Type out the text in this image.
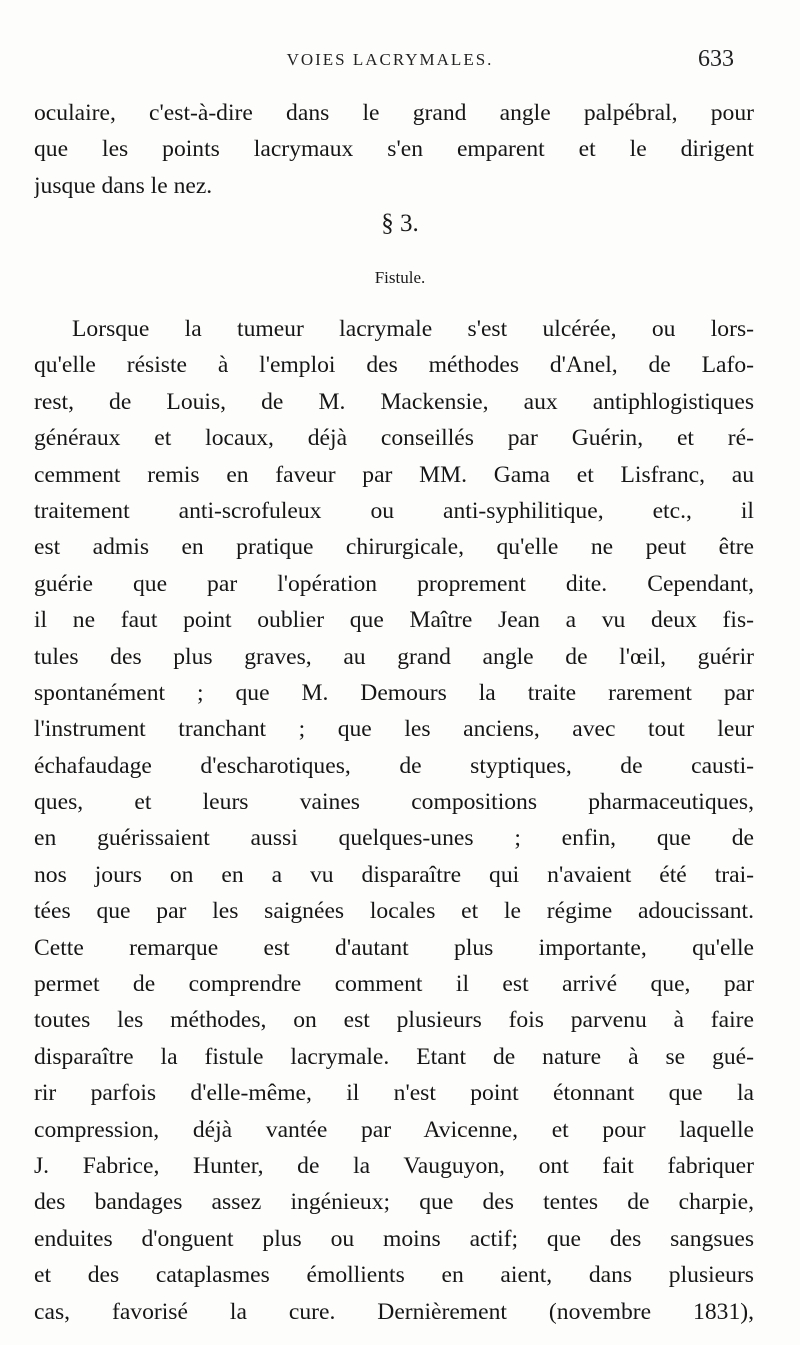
VOIES LACRYMALES.	633
oculaire, c'est-à-dire dans le grand angle palpébral, pour
que les points lacrymaux s'en emparent et le dirigent
jusque dans le nez.
§ 3.
Fistule.
Lorsque la tumeur lacrymale s'est ulcérée, ou lors-
qu'elle résiste à l'emploi des méthodes d'Anel, de Lafo-
rest, de Louis, de M. Mackensie, aux antiphlogistiques
généraux et locaux, déjà conseillés par Guérin, et ré-
cemment remis en faveur par MM. Gama et Lisfranc, au
traitement anti-scrofuleux ou anti-syphilitique, etc., il
est admis en pratique chirurgicale, qu'elle ne peut être
guérie que par l'opération proprement dite. Cependant,
il ne faut point oublier que Maître Jean a vu deux fis-
tules des plus graves, au grand angle de l'œil, guérir
spontanément ; que M. Demours la traite rarement par
l'instrument tranchant ; que les anciens, avec tout leur
échafaudage d'escharotiques, de styptiques, de causti-
ques, et leurs vaines compositions pharmaceutiques,
en guérissaient aussi quelques-unes ; enfin, que de
nos jours on en a vu disparaître qui n'avaient été trai-
tées que par les saignées locales et le régime adoucissant.
Cette remarque est d'autant plus importante, qu'elle
permet de comprendre comment il est arrivé que, par
toutes les méthodes, on est plusieurs fois parvenu à faire
disparaître la fistule lacrymale. Etant de nature à se gué-
rir parfois d'elle-même, il n'est point étonnant que la
compression, déjà vantée par Avicenne, et pour laquelle
J. Fabrice, Hunter, de la Vauguyon, ont fait fabriquer
des bandages assez ingénieux; que des tentes de charpie,
enduites d'onguent plus ou moins actif; que des sangsues
et des cataplasmes émollients en aient, dans plusieurs
cas, favorisé la cure. Dernièrement (novembre 1831),
